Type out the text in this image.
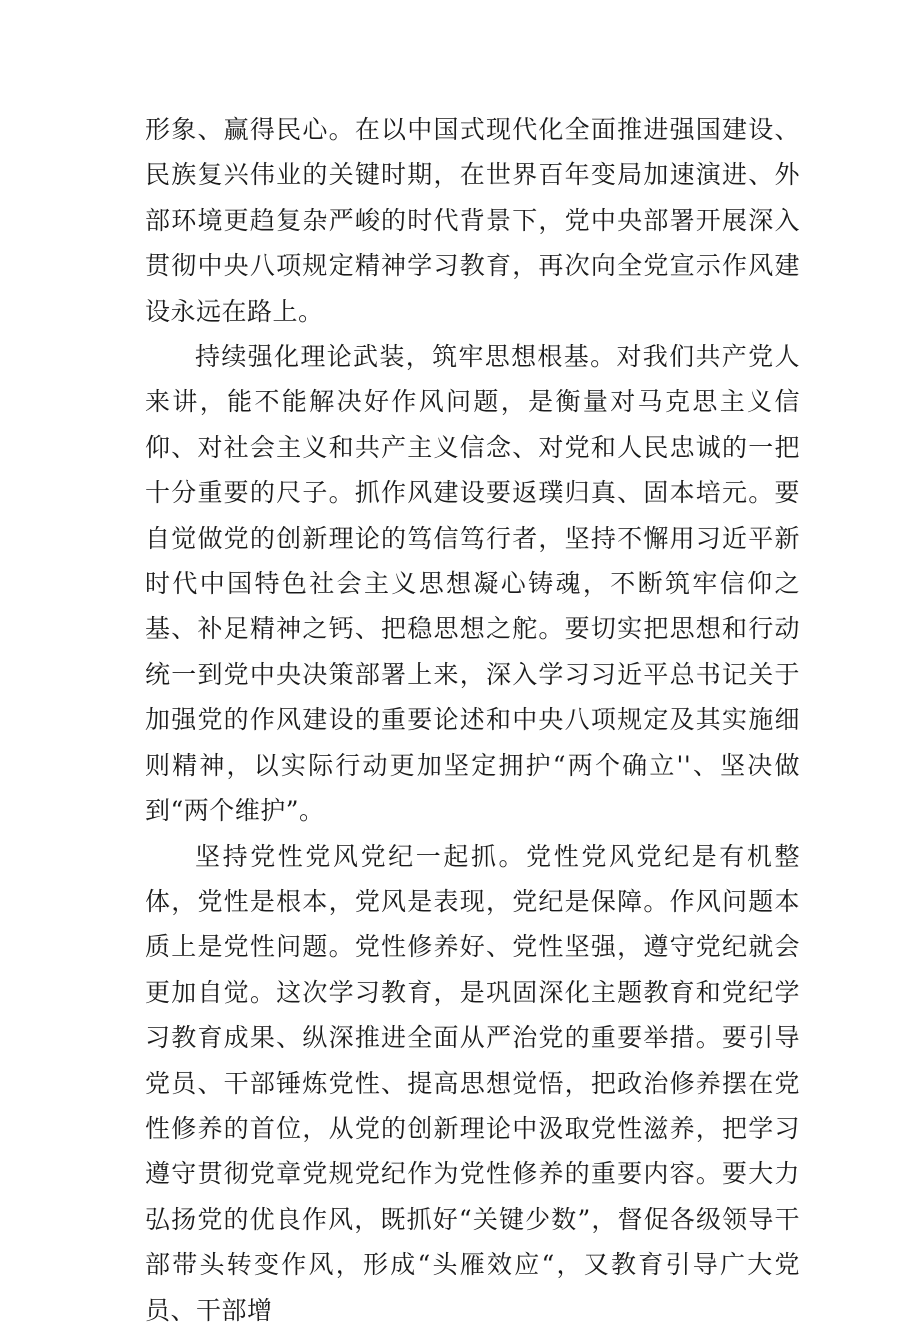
形象、赢得民心。在以中国式现代化全面推进强国建设、民族复兴伟业的关键时期，在世界百年变局加速演进、外部环境更趋复杂严峻的时代背景下，党中央部署开展深入贯彻中央八项规定精神学习教育，再次向全党宣示作风建设永远在路上。

持续强化理论武装，筑牢思想根基。对我们共产党人来讲，能不能解决好作风问题，是衡量对马克思主义信仰、对社会主义和共产主义信念、对党和人民忠诚的一把十分重要的尺子。抓作风建设要返璞归真、固本培元。要自觉做党的创新理论的笃信笃行者，坚持不懈用习近平新时代中国特色社会主义思想凝心铸魂，不断筑牢信仰之基、补足精神之钙、把稳思想之舵。要切实把思想和行动统一到党中央决策部署上来，深入学习习近平总书记关于加强党的作风建设的重要论述和中央八项规定及其实施细则精神，以实际行动更加坚定拥护“两个确立''、坚决做到“两个维护”。

坚持党性党风党纪一起抓。党性党风党纪是有机整体，党性是根本，党风是表现，党纪是保障。作风问题本质上是党性问题。党性修养好、党性坚强，遵守党纪就会更加自觉。这次学习教育，是巩固深化主题教育和党纪学习教育成果、纵深推进全面从严治党的重要举措。要引导党员、干部锤炼党性、提高思想觉悟，把政治修养摆在党性修养的首位，从党的创新理论中汲取党性滋养，把学习遵守贯彻党章党规党纪作为党性修养的重要内容。要大力弘扬党的优良作风，既抓好“关键少数”，督促各级领导干部带头转变作风，形成“头雁效应“，又教育引导广大党员、干部增
